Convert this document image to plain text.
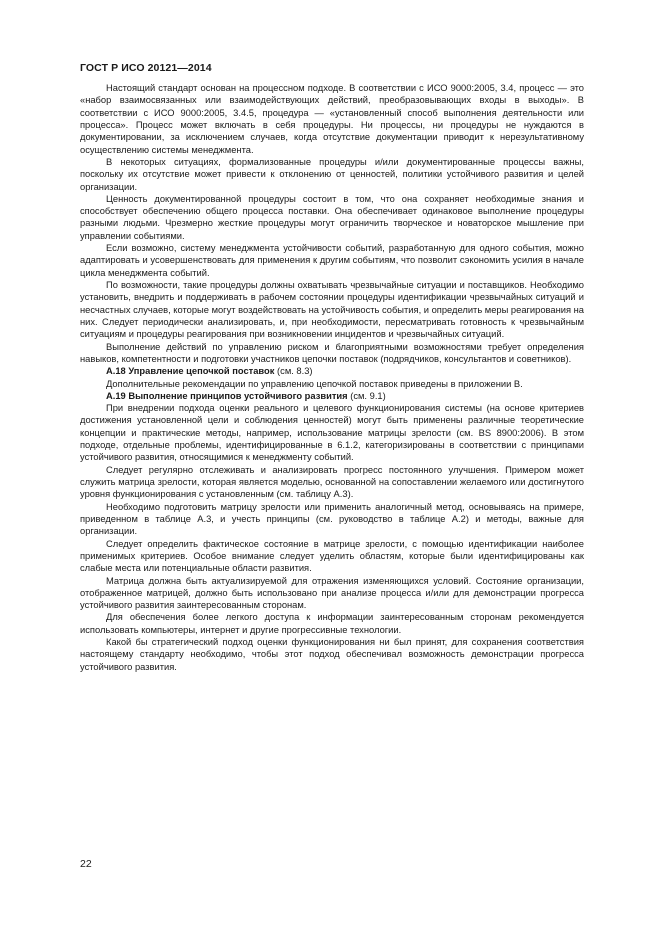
ГОСТ Р ИСО 20121—2014

Настоящий стандарт основан на процессном подходе. В соответствии с ИСО 9000:2005, 3.4, процесс — это «набор взаимосвязанных или взаимодействующих действий, преобразовывающих входы в выходы». В соответствии с ИСО 9000:2005, 3.4.5, процедура — «установленный способ выполнения деятельности или процесса». Процесс может включать в себя процедуры. Ни процессы, ни процедуры не нуждаются в документировании, за исключением случаев, когда отсутствие документации приводит к нерезультативному осуществлению системы менеджмента.

В некоторых ситуациях, формализованные процедуры и/или документированные процессы важны, поскольку их отсутствие может привести к отклонению от ценностей, политики устойчивого развития и целей организации.

Ценность документированной процедуры состоит в том, что она сохраняет необходимые знания и способствует обеспечению общего процесса поставки. Она обеспечивает одинаковое выполнение процедуры разными людьми. Чрезмерно жесткие процедуры могут ограничить творческое и новаторское мышление при управлении событиями.

Если возможно, систему менеджмента устойчивости событий, разработанную для одного события, можно адаптировать и усовершенствовать для применения к другим событиям, что позволит сэкономить усилия в начале цикла менеджмента событий.

По возможности, такие процедуры должны охватывать чрезвычайные ситуации и поставщиков. Необходимо установить, внедрить и поддерживать в рабочем состоянии процедуры идентификации чрезвычайных ситуаций и несчастных случаев, которые могут воздействовать на устойчивость события, и определить меры реагирования на них. Следует периодически анализировать, и, при необходимости, пересматривать готовность к чрезвычайным ситуациям и процедуры реагирования при возникновении инцидентов и чрезвычайных ситуаций.

Выполнение действий по управлению риском и благоприятными возможностями требует определения навыков, компетентности и подготовки участников цепочки поставок (подрядчиков, консультантов и советников).

А.18 Управление цепочкой поставок (см. 8.3)

Дополнительные рекомендации по управлению цепочкой поставок приведены в приложении В.

А.19 Выполнение принципов устойчивого развития (см. 9.1)

При внедрении подхода оценки реального и целевого функционирования системы (на основе критериев достижения установленной цели и соблюдения ценностей) могут быть применены различные теоретические концепции и практические методы, например, использование матрицы зрелости (см. BS 8900:2006). В этом подходе, отдельные проблемы, идентифицированные в 6.1.2, категоризированы в соответствии с принципами устойчивого развития, относящимися к менеджменту событий.

Следует регулярно отслеживать и анализировать прогресс постоянного улучшения. Примером может служить матрица зрелости, которая является моделью, основанной на сопоставлении желаемого или достигнутого уровня функционирования с установленным (см. таблицу А.3).

Необходимо подготовить матрицу зрелости или применить аналогичный метод, основываясь на примере, приведенном в таблице А.3, и учесть принципы (см. руководство в таблице А.2) и методы, важные для организации.

Следует определить фактическое состояние в матрице зрелости, с помощью идентификации наиболее применимых критериев. Особое внимание следует уделить областям, которые были идентифицированы как слабые места или потенциальные области развития.

Матрица должна быть актуализируемой для отражения изменяющихся условий. Состояние организации, отображенное матрицей, должно быть использовано при анализе процесса и/или для демонстрации прогресса устойчивого развития заинтересованным сторонам.

Для обеспечения более легкого доступа к информации заинтересованным сторонам рекомендуется использовать компьютеры, интернет и другие прогрессивные технологии.

Какой бы стратегический подход оценки функционирования ни был принят, для сохранения соответствия настоящему стандарту необходимо, чтобы этот подход обеспечивал возможность демонстрации прогресса устойчивого развития.

22
